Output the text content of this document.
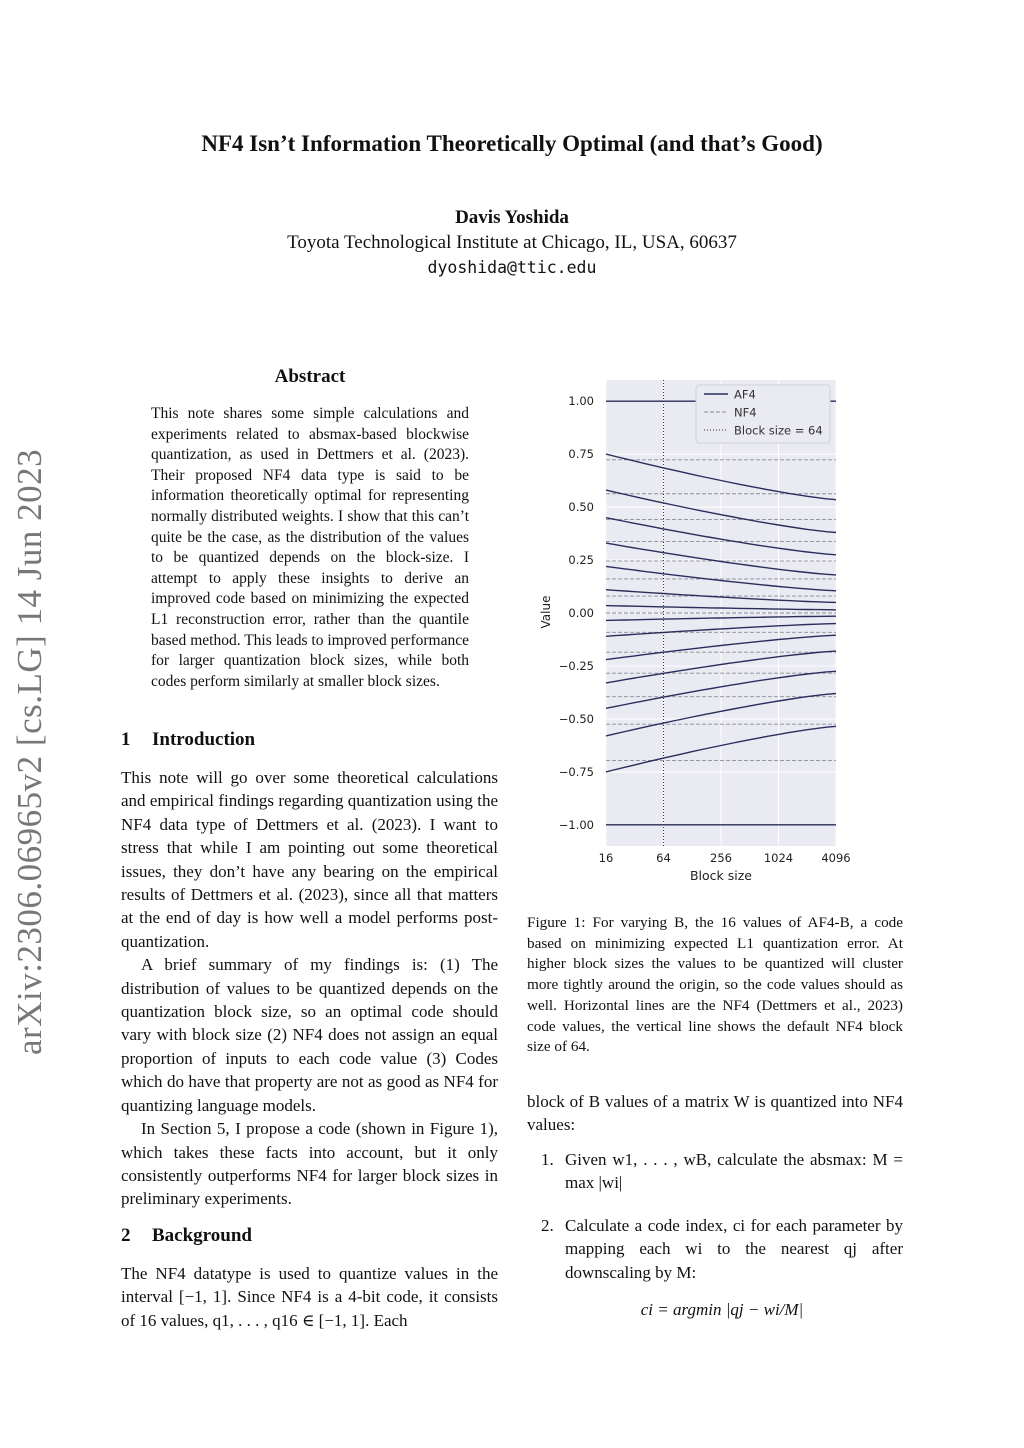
arXiv:2306.06965v2 [cs.LG] 14 Jun 2023
NF4 Isn’t Information Theoretically Optimal (and that’s Good)
Davis Yoshida
Toyota Technological Institute at Chicago, IL, USA, 60637
dyoshida@ttic.edu
Abstract
This note shares some simple calculations and experiments related to absmax-based blockwise quantization, as used in Dettmers et al. (2023). Their proposed NF4 data type is said to be information theoretically optimal for representing normally distributed weights. I show that this can’t quite be the case, as the distribution of the values to be quantized depends on the block-size. I attempt to apply these insights to derive an improved code based on minimizing the expected L1 reconstruction error, rather than the quantile based method. This leads to improved performance for larger quantization block sizes, while both codes perform similarly at smaller block sizes.
1 Introduction

This note will go over some theoretical calculations and empirical findings regarding quantization using the NF4 data type of Dettmers et al. (2023). I want to stress that while I am pointing out some theoretical issues, they don’t have any bearing on the empirical results of Dettmers et al. (2023), since all that matters at the end of day is how well a model performs post-quantization.

A brief summary of my findings is: (1) The distribution of values to be quantized depends on the quantization block size, so an optimal code should vary with block size (2) NF4 does not assign an equal proportion of inputs to each code value (3) Codes which do have that property are not as good as NF4 for quantizing language models.

In Section 5, I propose a code (shown in Figure 1), which takes these facts into account, but it only consistently outperforms NF4 for larger block sizes in preliminary experiments.

2 Background

The NF4 datatype is used to quantize values in the interval [−1, 1]. Since NF4 is a 4-bit code, it consists of 16 values, q1, . . . , q16 ∈ [−1, 1]. Each

1.00
0.75
0.50
0.25
0.00
−0.25
−0.50
−0.75
−1.00
16	64	256	1024 4096
Value
Block size
AF4
NF4
Block size = 64
Figure 1: For varying B, the 16 values of AF4-B, a code based on minimizing expected L1 quantization error. At higher block sizes the values to be quantized will cluster more tightly around the origin, so the code values should as well. Horizontal lines are the NF4 (Dettmers et al., 2023) code values, the vertical line shows the default NF4 block size of 64.

block of B values of a matrix W is quantized into NF4 values:

1. Given w1, . . . , wB, calculate the absmax: M = max |wi|
2. Calculate a code index, ci for each parameter by mapping each wi to the nearest qj after downscaling by M:
ci = argmin |qj − wi/M|
